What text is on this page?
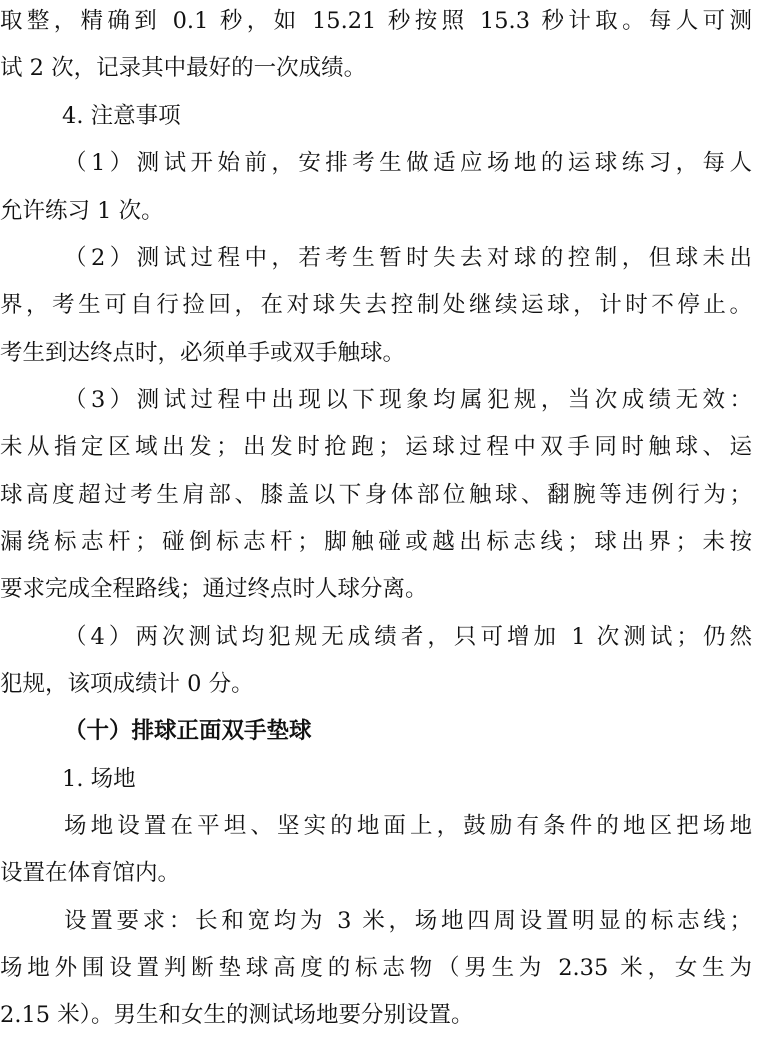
取整，精确到 0.1 秒，如 15.21 秒按照 15.3 秒计取。每人可测
试 2 次，记录其中最好的一次成绩。
4. 注意事项
（1）测试开始前，安排考生做适应场地的运球练习，每人
允许练习 1 次。
（2）测试过程中，若考生暂时失去对球的控制，但球未出
界，考生可自行捡回，在对球失去控制处继续运球，计时不停止。
考生到达终点时，必须单手或双手触球。
（3）测试过程中出现以下现象均属犯规，当次成绩无效：
未从指定区域出发；出发时抢跑；运球过程中双手同时触球、运
球高度超过考生肩部、膝盖以下身体部位触球、翻腕等违例行为；
漏绕标志杆；碰倒标志杆；脚触碰或越出标志线；球出界；未按
要求完成全程路线；通过终点时人球分离。
（4）两次测试均犯规无成绩者，只可增加 1 次测试；仍然
犯规，该项成绩计 0 分。
（十）排球正面双手垫球
1. 场地
场地设置在平坦、坚实的地面上，鼓励有条件的地区把场地
设置在体育馆内。
设置要求：长和宽均为 3 米，场地四周设置明显的标志线；
场地外围设置判断垫球高度的标志物（男生为 2.35 米，女生为
2.15 米）。男生和女生的测试场地要分别设置。
